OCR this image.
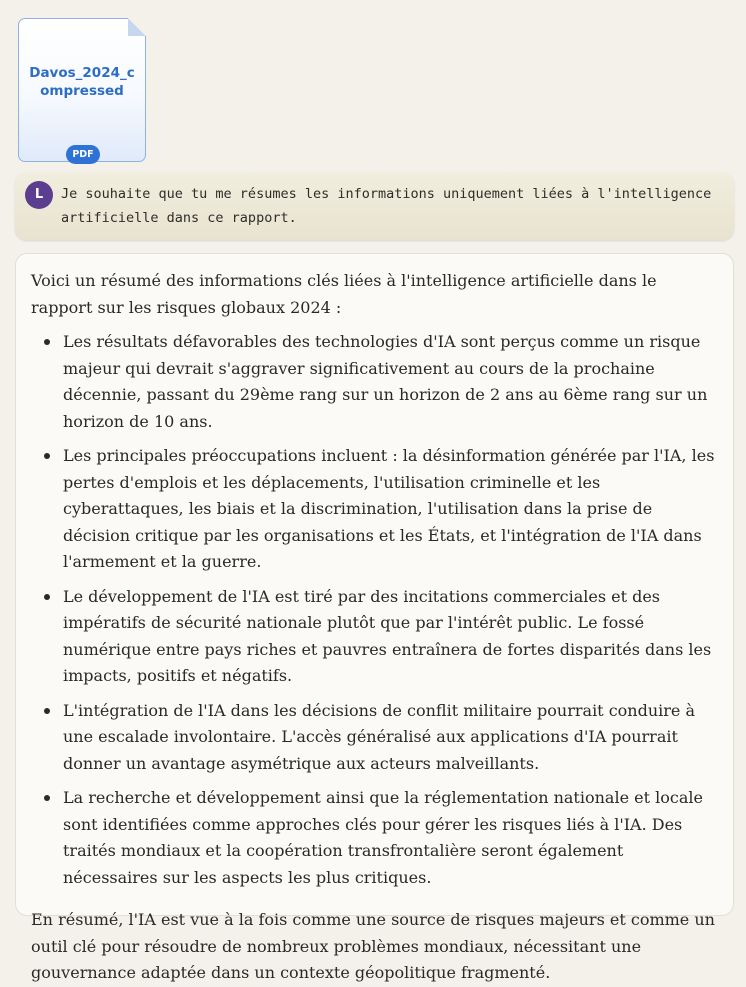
Davos_2024_compressed
PDF
L	Je souhaite que tu me résumes les informations uniquement liées à l'intelligence artificielle dans ce rapport.

Voici un résumé des informations clés liées à l'intelligence artificielle dans le rapport sur les risques globaux 2024 :

Les résultats défavorables des technologies d'IA sont perçus comme un risque majeur qui devrait s'aggraver significativement au cours de la prochaine décennie, passant du 29ème rang sur un horizon de 2 ans au 6ème rang sur un horizon de 10 ans.
Les principales préoccupations incluent : la désinformation générée par l'IA, les pertes d'emplois et les déplacements, l'utilisation criminelle et les cyberattaques, les biais et la discrimination, l'utilisation dans la prise de décision critique par les organisations et les États, et l'intégration de l'IA dans l'armement et la guerre.
Le développement de l'IA est tiré par des incitations commerciales et des impératifs de sécurité nationale plutôt que par l'intérêt public. Le fossé numérique entre pays riches et pauvres entraînera de fortes disparités dans les impacts, positifs et négatifs.
L'intégration de l'IA dans les décisions de conflit militaire pourrait conduire à une escalade involontaire. L'accès généralisé aux applications d'IA pourrait donner un avantage asymétrique aux acteurs malveillants.
La recherche et développement ainsi que la réglementation nationale et locale sont identifiées comme approches clés pour gérer les risques liés à l'IA. Des traités mondiaux et la coopération transfrontalière seront également nécessaires sur les aspects les plus critiques.

En résumé, l'IA est vue à la fois comme une source de risques majeurs et comme un outil clé pour résoudre de nombreux problèmes mondiaux, nécessitant une gouvernance adaptée dans un contexte géopolitique fragmenté.
